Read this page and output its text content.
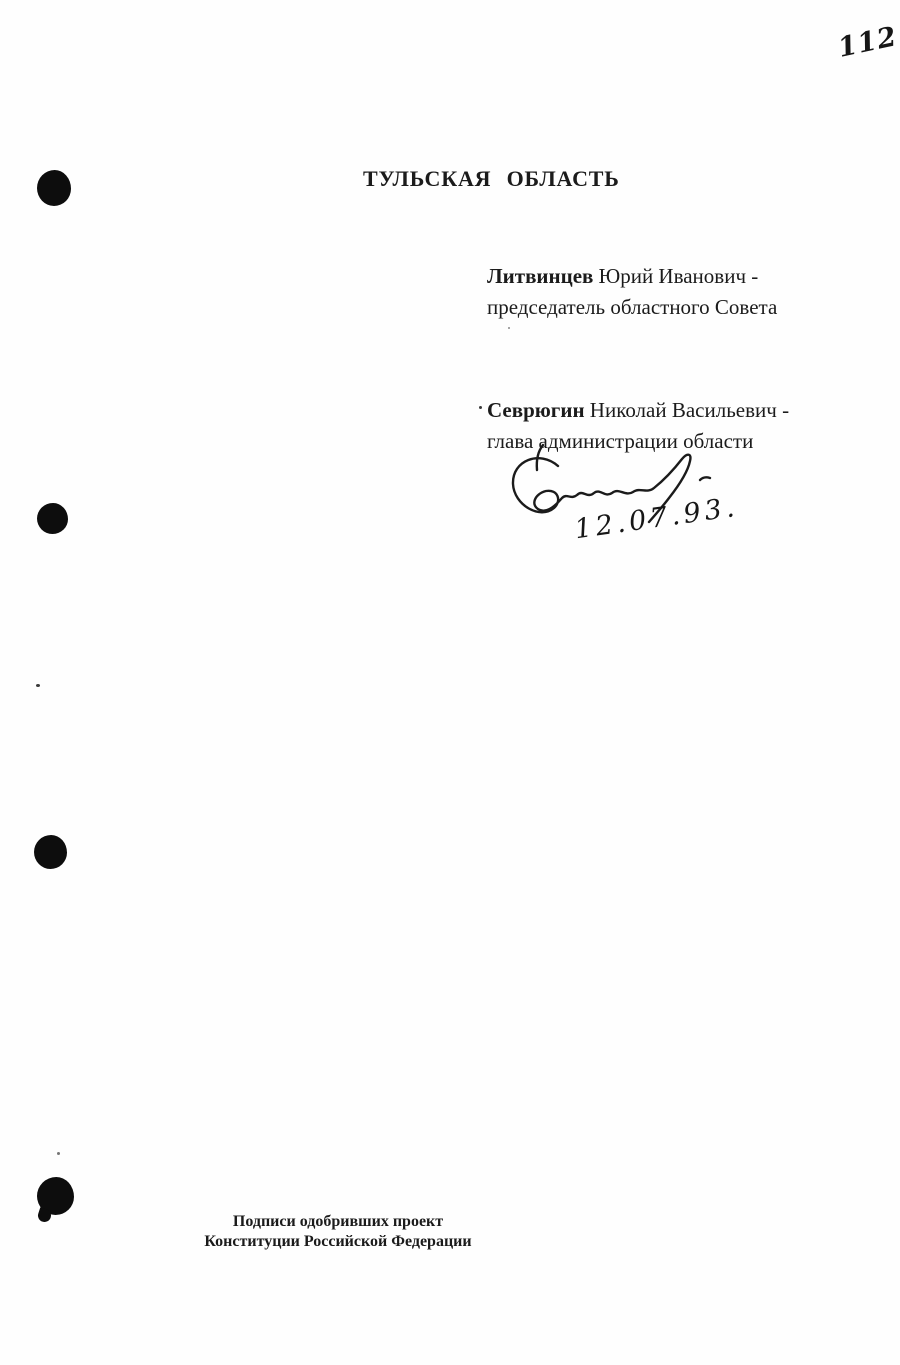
112
ТУЛЬСКАЯ ОБЛАСТЬ
Литвинцев Юрий Иванович -
председатель областного Совета
Севрюгин Николай Васильевич -
глава администрации области
12.07.93.
Подписи одобривших проект
Конституции Российской Федерации
